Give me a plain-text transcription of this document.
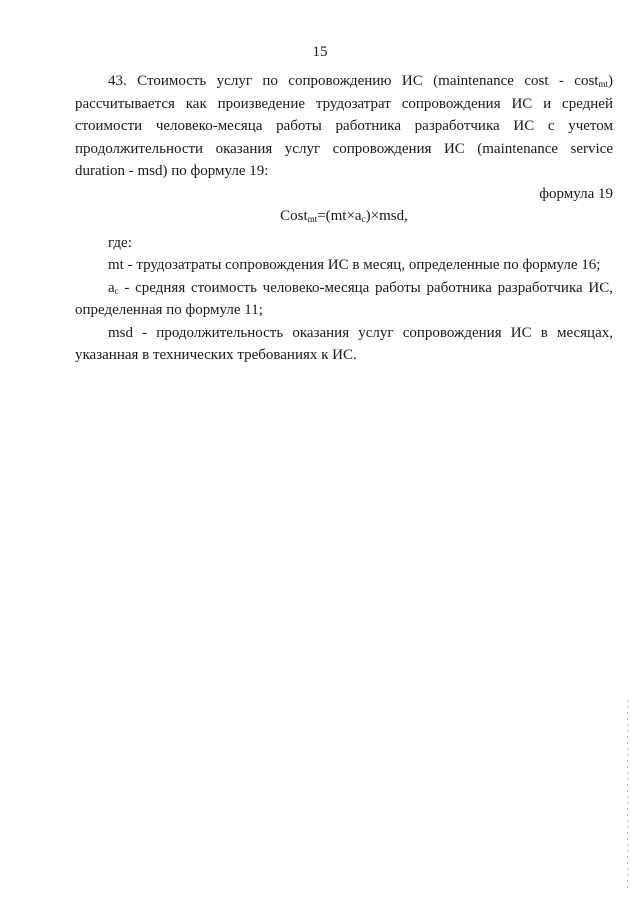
15

43. Стоимость услуг по сопровождению ИС (maintenance cost - cost$_{mt}$) рассчитывается как произведение трудозатрат сопровождения ИС и средней стоимости человеко-месяца работы работника разработчика ИС с учетом продолжительности оказания услуг сопровождения ИС (maintenance service duration - msd) по формуле 19:

формула 19

$Cost_{mt}=(mt\times a_c)\times msd$,

где:

mt - трудозатраты сопровождения ИС в месяц, определенные по формуле 16;

$a_c$ - средняя стоимость человеко-месяца работы работника разработчика ИС, определенная по формуле 11;

msd - продолжительность оказания услуг сопровождения ИС в месяцах, указанная в технических требованиях к ИС.
